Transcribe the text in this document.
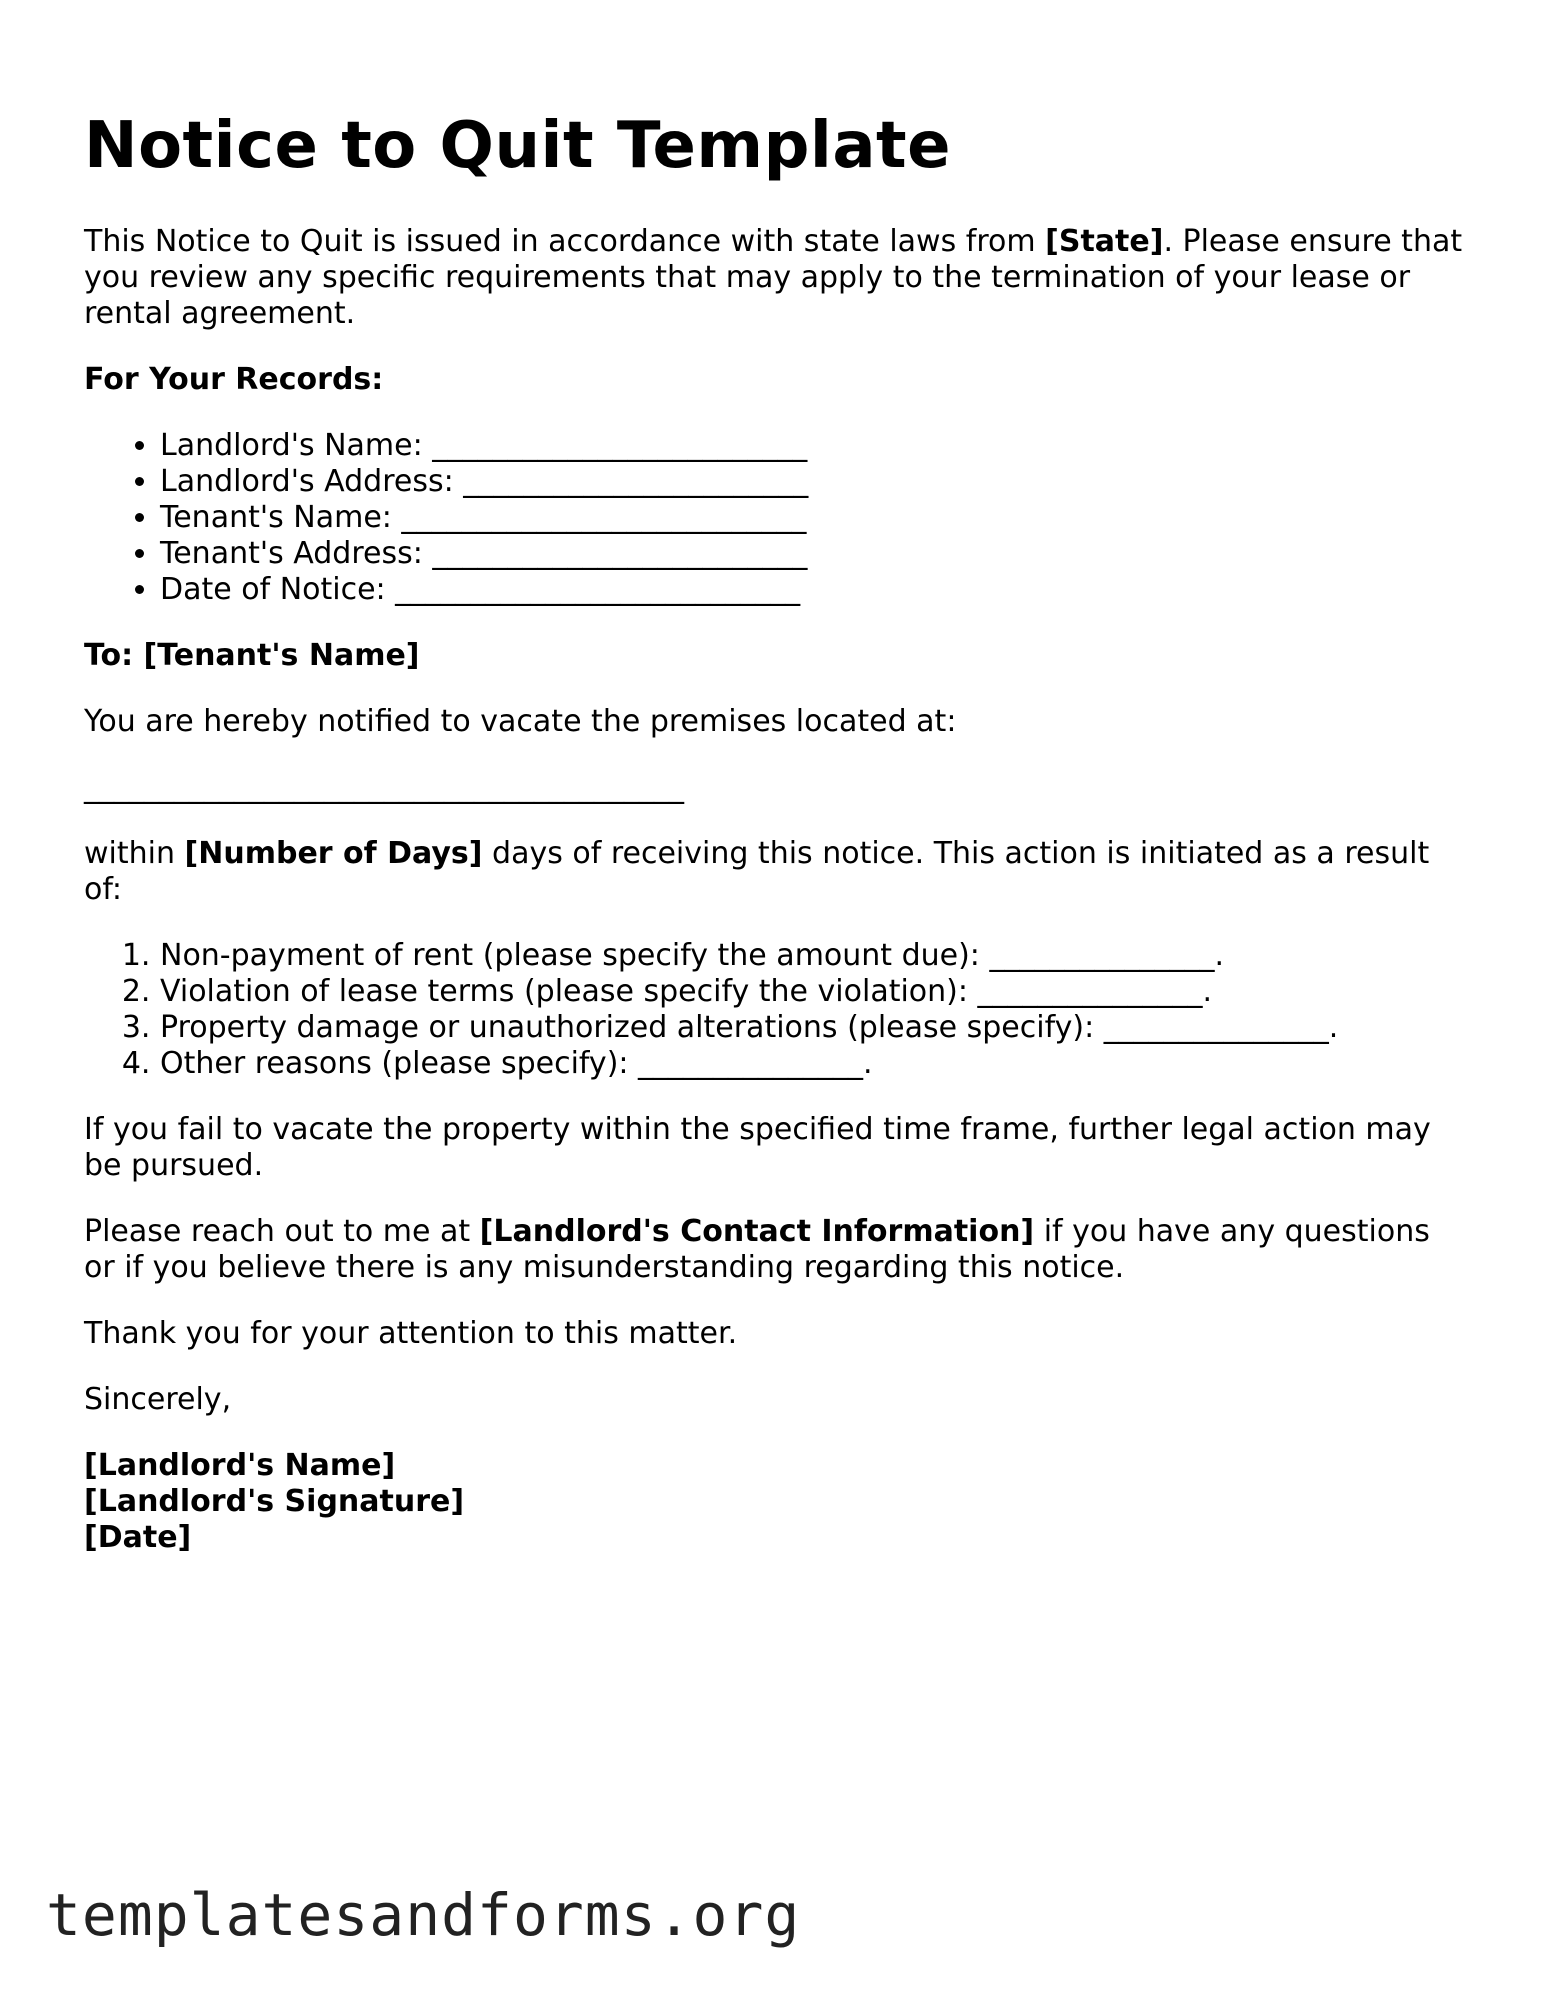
Notice to Quit Template

This Notice to Quit is issued in accordance with state laws from [State]. Please ensure that you review any specific requirements that may apply to the termination of your lease or rental agreement.

For Your Records:

• Landlord's Name: _________________________
• Landlord's Address: _______________________
• Tenant's Name: ___________________________
• Tenant's Address: _________________________
• Date of Notice: ___________________________

To: [Tenant's Name]

You are hereby notified to vacate the premises located at:

________________________________________

within [Number of Days] days of receiving this notice. This action is initiated as a result of:

1. Non-payment of rent (please specify the amount due): _______________.
2. Violation of lease terms (please specify the violation): _______________.
3. Property damage or unauthorized alterations (please specify): _______________.
4. Other reasons (please specify): _______________.

If you fail to vacate the property within the specified time frame, further legal action may be pursued.

Please reach out to me at [Landlord's Contact Information] if you have any questions or if you believe there is any misunderstanding regarding this notice.

Thank you for your attention to this matter.

Sincerely,

[Landlord's Name]
[Landlord's Signature]
[Date]
templatesandforms.org
